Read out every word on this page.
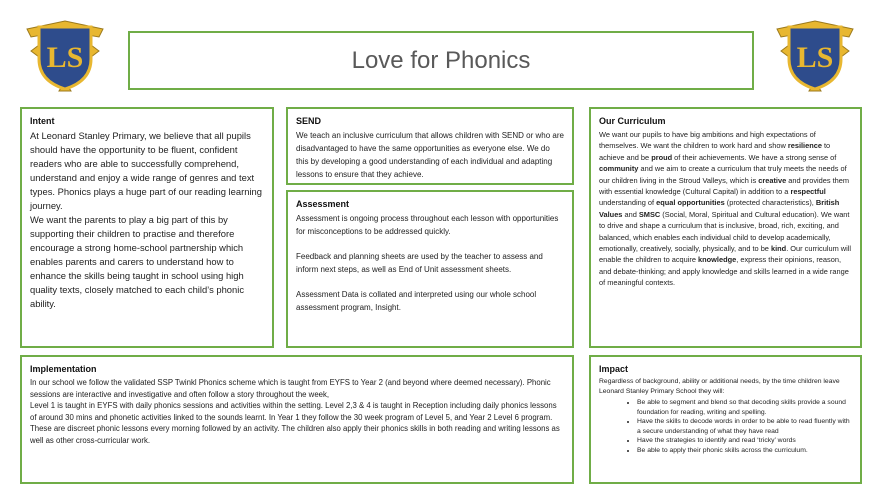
LS	LS
Love for Phonics
Intent

At Leonard Stanley Primary, we believe that all pupils should have the opportunity to be fluent, confident readers who are able to successfully comprehend, understand and enjoy a wide range of genres and text types. Phonics plays a huge part of our reading learning journey.

We want the parents to play a big part of this by supporting their children to practise and therefore encourage a strong home-school partnership which enables parents and carers to understand how to enhance the skills being taught in school using high quality texts, closely matched to each child’s phonic ability.

SEND

We teach an inclusive curriculum that allows children with SEND or who are disadvantaged to have the same opportunities as everyone else. We do this by developing a good understanding of each individual and adapting lessons to ensure that they achieve.

Assessment

Assessment is ongoing process throughout each lesson with opportunities for misconceptions to be addressed quickly.

Feedback and planning sheets are used by the teacher to assess and inform next steps, as well as End of Unit assessment sheets.

Assessment Data is collated and interpreted using our whole school assessment program, Insight.

Our Curriculum

We want our pupils to have big ambitions and high expectations of themselves. We want the children to work hard and show resilience to achieve and be proud of their achievements. We have a strong sense of community and we aim to create a curriculum that truly meets the needs of our children living in the Stroud Valleys, which is creative and provides them with essential knowledge (Cultural Capital) in addition to a respectful understanding of equal opportunities (protected characteristics), British Values and SMSC (Social, Moral, Spiritual and Cultural education). We want to drive and shape a curriculum that is inclusive, broad, rich, exciting, and balanced, which enables each individual child to develop academically, emotionally, creatively, socially, physically, and to be kind. Our curriculum will enable the children to acquire knowledge, express their opinions, reason, and debate-thinking; and apply knowledge and skills learned in a wide range of meaningful contexts.

Implementation

In our school we follow the validated SSP Twinkl Phonics scheme which is taught from EYFS to Year 2 (and beyond where deemed necessary). Phonic sessions are interactive and investigative and often follow a story throughout the week,

Level 1 is taught in EYFS with daily phonics sessions and activities within the setting. Level 2,3 & 4 is taught in Reception including daily phonics lessons of around 30 mins and phonetic activities linked to the sounds learnt. In Year 1 they follow the 30 week program of Level 5, and Year 2 Level 6 program. These are discreet phonic lessons every morning followed by an activity. The children also apply their phonics skills in both reading and writing lessons as well as other cross-curricular work.

Impact

Regardless of background, ability or additional needs, by the time children leave Leonard Stanley Primary School they will:

• Be able to segment and blend so that decoding skills provide a sound foundation for reading, writing and spelling.
• Have the skills to decode words in order to be able to read fluently with a secure understanding of what they have read
• Have the strategies to identify and read ‘tricky’ words
• Be able to apply their phonic skills across the curriculum.
